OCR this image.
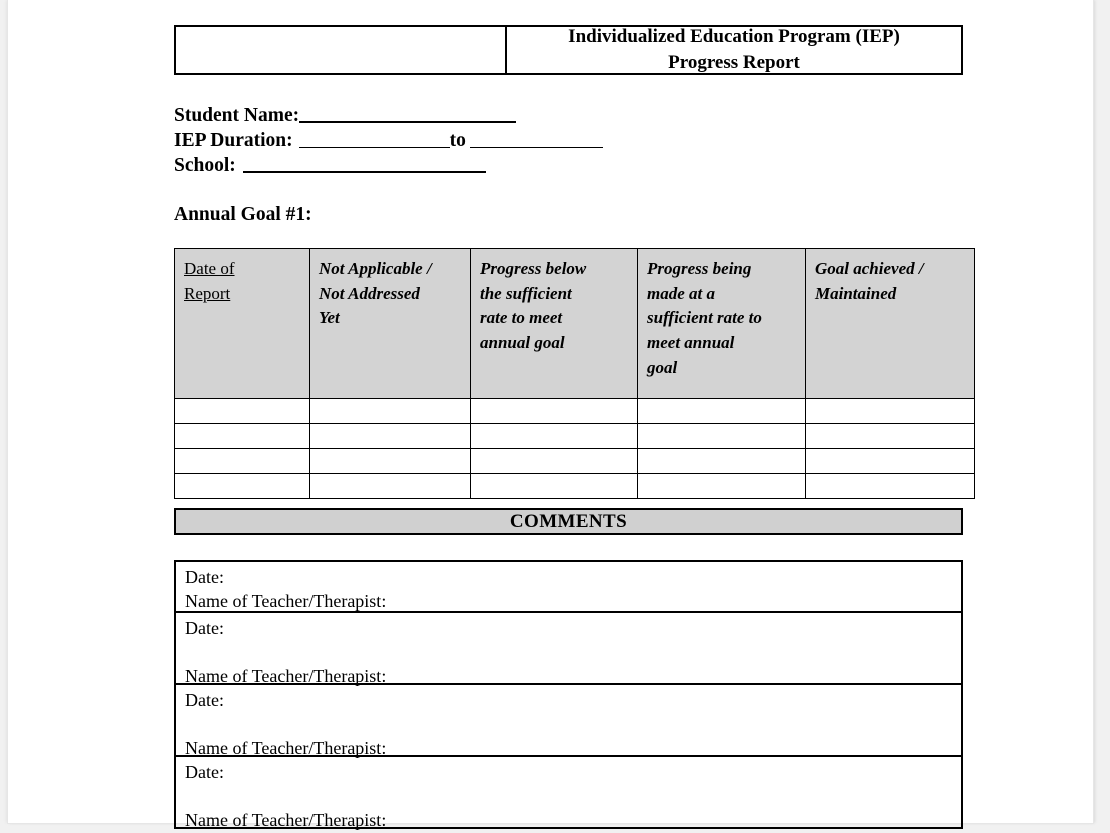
Individualized Education Program (IEP)
Progress Report
Student Name:
IEP Duration:	to
School:
Annual Goal #1:
Date of
Report

Not Applicable /
Not Addressed
Yet

Progress below
the sufficient
rate to meet
annual goal

Progress being
made at a
sufficient rate to
meet annual
goal

Goal achieved /
Maintained

COMMENTS
Date:
Name of Teacher/Therapist:
Date:
Name of Teacher/Therapist:
Date:
Name of Teacher/Therapist:
Date:
Name of Teacher/Therapist:
